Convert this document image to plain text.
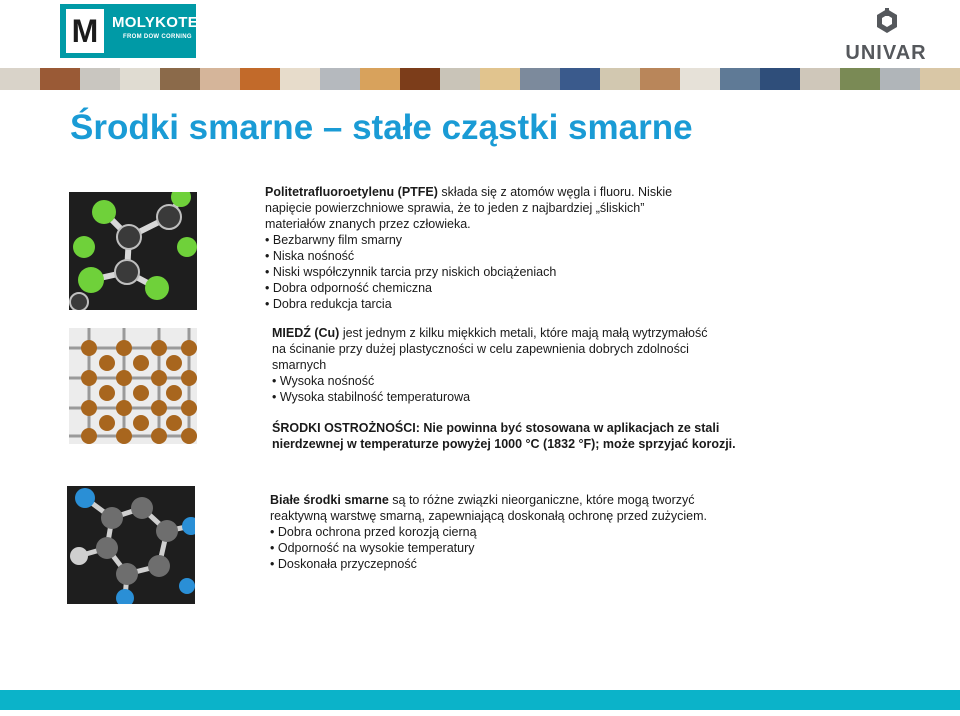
M MOLYKOTE
FROM DOW CORNING
UNIVAR
Środki smarne – stałe cząstki smarne

Politetrafluoroetylenu (PTFE) składa się z atomów węgla i fluoru. Niskie napięcie powierzchniowe sprawia, że to jeden z najbardziej „śliskich” materiałów znanych przez człowieka.

• Bezbarwny film smarny
• Niska nośność
• Niski współczynnik tarcia przy niskich obciążeniach
• Dobra odporność chemiczna
• Dobra redukcja tarcia

MIEDŹ (Cu) jest jednym z kilku miękkich metali, które mają małą wytrzymałość na ścinanie przy dużej plastyczności w celu zapewnienia dobrych zdolności smarnych

• Wysoka nośność
• Wysoka stabilność temperaturowa
ŚRODKI OSTROŻNOŚCI: Nie powinna być stosowana w aplikacjach ze stali nierdzewnej w temperaturze powyżej 1000 °C (1832 °F); może sprzyjać korozji.

Białe środki smarne są to różne związki nieorganiczne, które mogą tworzyć reaktywną warstwę smarną, zapewniającą doskonałą ochronę przed zużyciem.

• Dobra ochrona przed korozją cierną
• Odporność na wysokie temperatury
• Doskonała przyczepność
